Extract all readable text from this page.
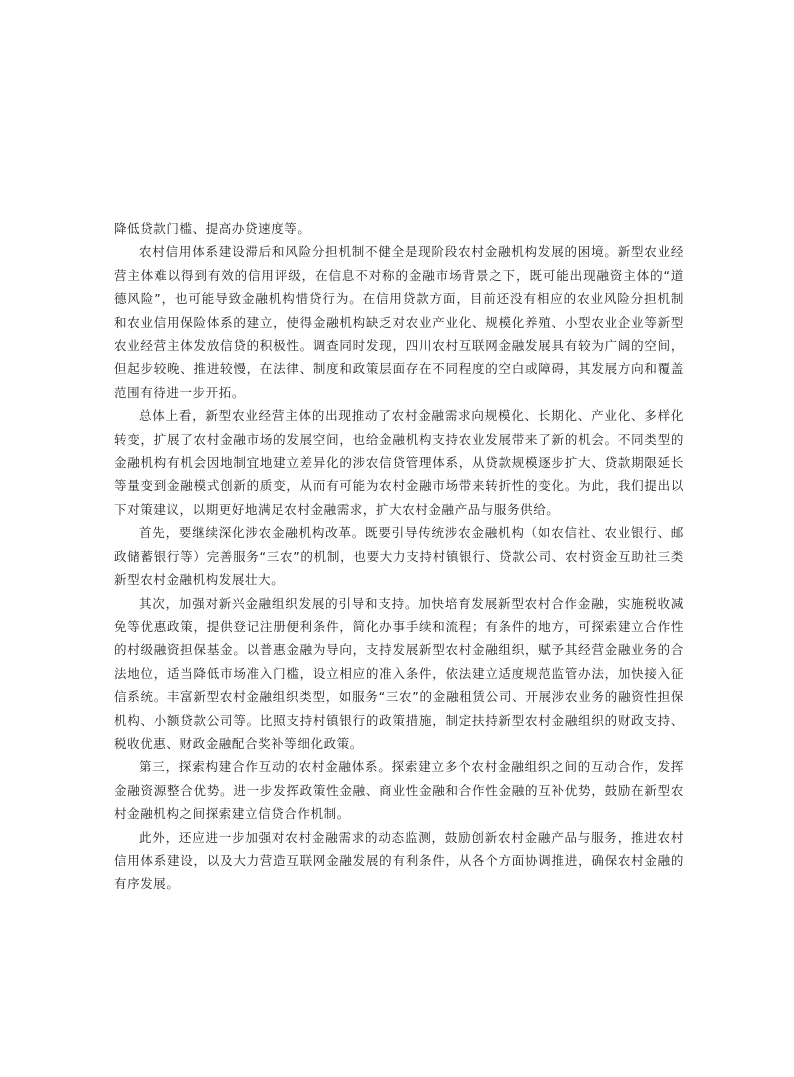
降低贷款门槛、提高办贷速度等。

农村信用体系建设滞后和风险分担机制不健全是现阶段农村金融机构发展的困境。新型农业经营主体难以得到有效的信用评级，在信息不对称的金融市场背景之下，既可能出现融资主体的“道德风险”，也可能导致金融机构惜贷行为。在信用贷款方面，目前还没有相应的农业风险分担机制和农业信用保险体系的建立，使得金融机构缺乏对农业产业化、规模化养殖、小型农业企业等新型农业经营主体发放信贷的积极性。调查同时发现，四川农村互联网金融发展具有较为广阔的空间，但起步较晚、推进较慢，在法律、制度和政策层面存在不同程度的空白或障碍，其发展方向和覆盖范围有待进一步开拓。

总体上看，新型农业经营主体的出现推动了农村金融需求向规模化、长期化、产业化、多样化转变，扩展了农村金融市场的发展空间，也给金融机构支持农业发展带来了新的机会。不同类型的金融机构有机会因地制宜地建立差异化的涉农信贷管理体系，从贷款规模逐步扩大、贷款期限延长等量变到金融模式创新的质变，从而有可能为农村金融市场带来转折性的变化。为此，我们提出以下对策建议，以期更好地满足农村金融需求，扩大农村金融产品与服务供给。

首先，要继续深化涉农金融机构改革。既要引导传统涉农金融机构（如农信社、农业银行、邮政储蓄银行等）完善服务“三农”的机制，也要大力支持村镇银行、贷款公司、农村资金互助社三类新型农村金融机构发展壮大。

其次，加强对新兴金融组织发展的引导和支持。加快培育发展新型农村合作金融，实施税收减免等优惠政策，提供登记注册便利条件，简化办事手续和流程；有条件的地方，可探索建立合作性的村级融资担保基金。以普惠金融为导向，支持发展新型农村金融组织，赋予其经营金融业务的合法地位，适当降低市场准入门槛，设立相应的准入条件，依法建立适度规范监管办法，加快接入征信系统。丰富新型农村金融组织类型，如服务“三农”的金融租赁公司、开展涉农业务的融资性担保机构、小额贷款公司等。比照支持村镇银行的政策措施，制定扶持新型农村金融组织的财政支持、税收优惠、财政金融配合奖补等细化政策。

第三，探索构建合作互动的农村金融体系。探索建立多个农村金融组织之间的互动合作，发挥金融资源整合优势。进一步发挥政策性金融、商业性金融和合作性金融的互补优势，鼓励在新型农村金融机构之间探索建立信贷合作机制。

此外，还应进一步加强对农村金融需求的动态监测，鼓励创新农村金融产品与服务，推进农村信用体系建设，以及大力营造互联网金融发展的有利条件，从各个方面协调推进，确保农村金融的有序发展。
